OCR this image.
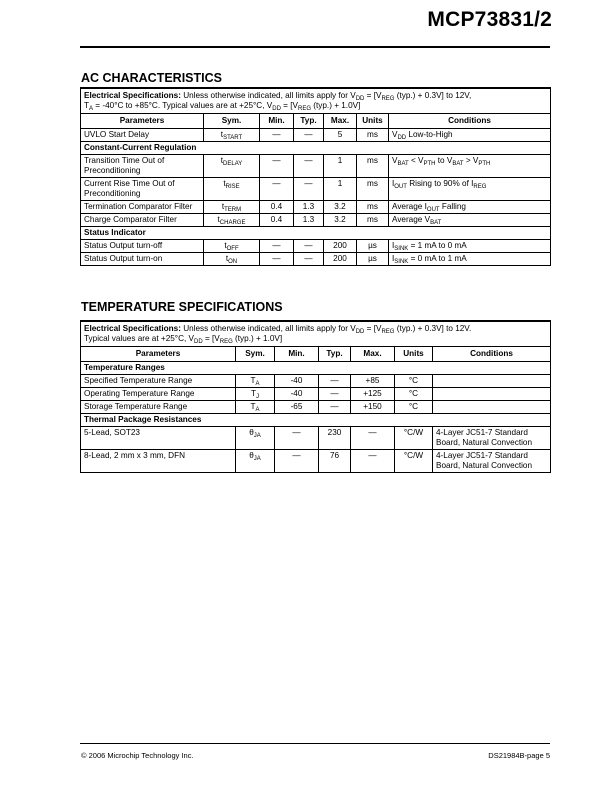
MCP73831/2
AC CHARACTERISTICS
Electrical Specifications: Unless otherwise indicated, all limits apply for $V_{DD} = [V_{REG}$ (typ.) + 0.3V] to 12V,
$T_A = -40^\circ C$ to +85°C. Typical values are at +25°C, $V_{DD} = [V_{REG}$ (typ.) + 1.0V]						
Parameters	Sym.	Min.	Typ.	Max.	Units	Conditions
UVLO Start Delay	$t_{START}$	—	—	5	ms	$V_{DD}$ Low-to-High
Constant-Current Regulation						
Transition Time Out of Preconditioning	$t_{DELAY}$	—	—	1	ms	$V_{BAT} < V_{PTH}$ to $V_{BAT} > V_{PTH}$
Current Rise Time Out of Preconditioning	$t_{RISE}$	—	—	1	ms	$I_{OUT}$ Rising to 90% of $I_{REG}$
Termination Comparator Filter	$t_{TERM}$	0.4	1.3	3.2	ms	Average $I_{OUT}$ Falling
Charge Comparator Filter	$t_{CHARGE}$	0.4	1.3	3.2	ms	Average $V_{BAT}$
Status Indicator						
Status Output turn-off	$t_{OFF}$	—	—	200	µs	$I_{SINK} = 1$ mA to 0 mA
Status Output turn-on	$t_{ON}$	—	—	200	µs	$I_{SINK} = 0$ mA to 1 mA
TEMPERATURE SPECIFICATIONS
Electrical Specifications: Unless otherwise indicated, all limits apply for $V_{DD} = [V_{REG}$ (typ.) + 0.3V] to 12V.
Typical values are at +25°C, $V_{DD} = [V_{REG}$ (typ.) + 1.0V]						
Parameters	Sym.	Min.	Typ.	Max.	Units	Conditions
Temperature Ranges						
Specified Temperature Range	$T_A$	-40	—	+85	°C	
Operating Temperature Range	$T_J$	-40	—	+125	°C	
Storage Temperature Range	$T_A$	-65	—	+150	°C	
Thermal Package Resistances						
5-Lead, SOT23	$\theta_{JA}$	—	230	—	°C/W	4-Layer JC51-7 Standard Board, Natural Convection
8-Lead, 2 mm x 3 mm, DFN	$\theta_{JA}$	—	76	—	°C/W	4-Layer JC51-7 Standard Board, Natural Convection
© 2006 Microchip Technology Inc.	DS21984B-page 5
